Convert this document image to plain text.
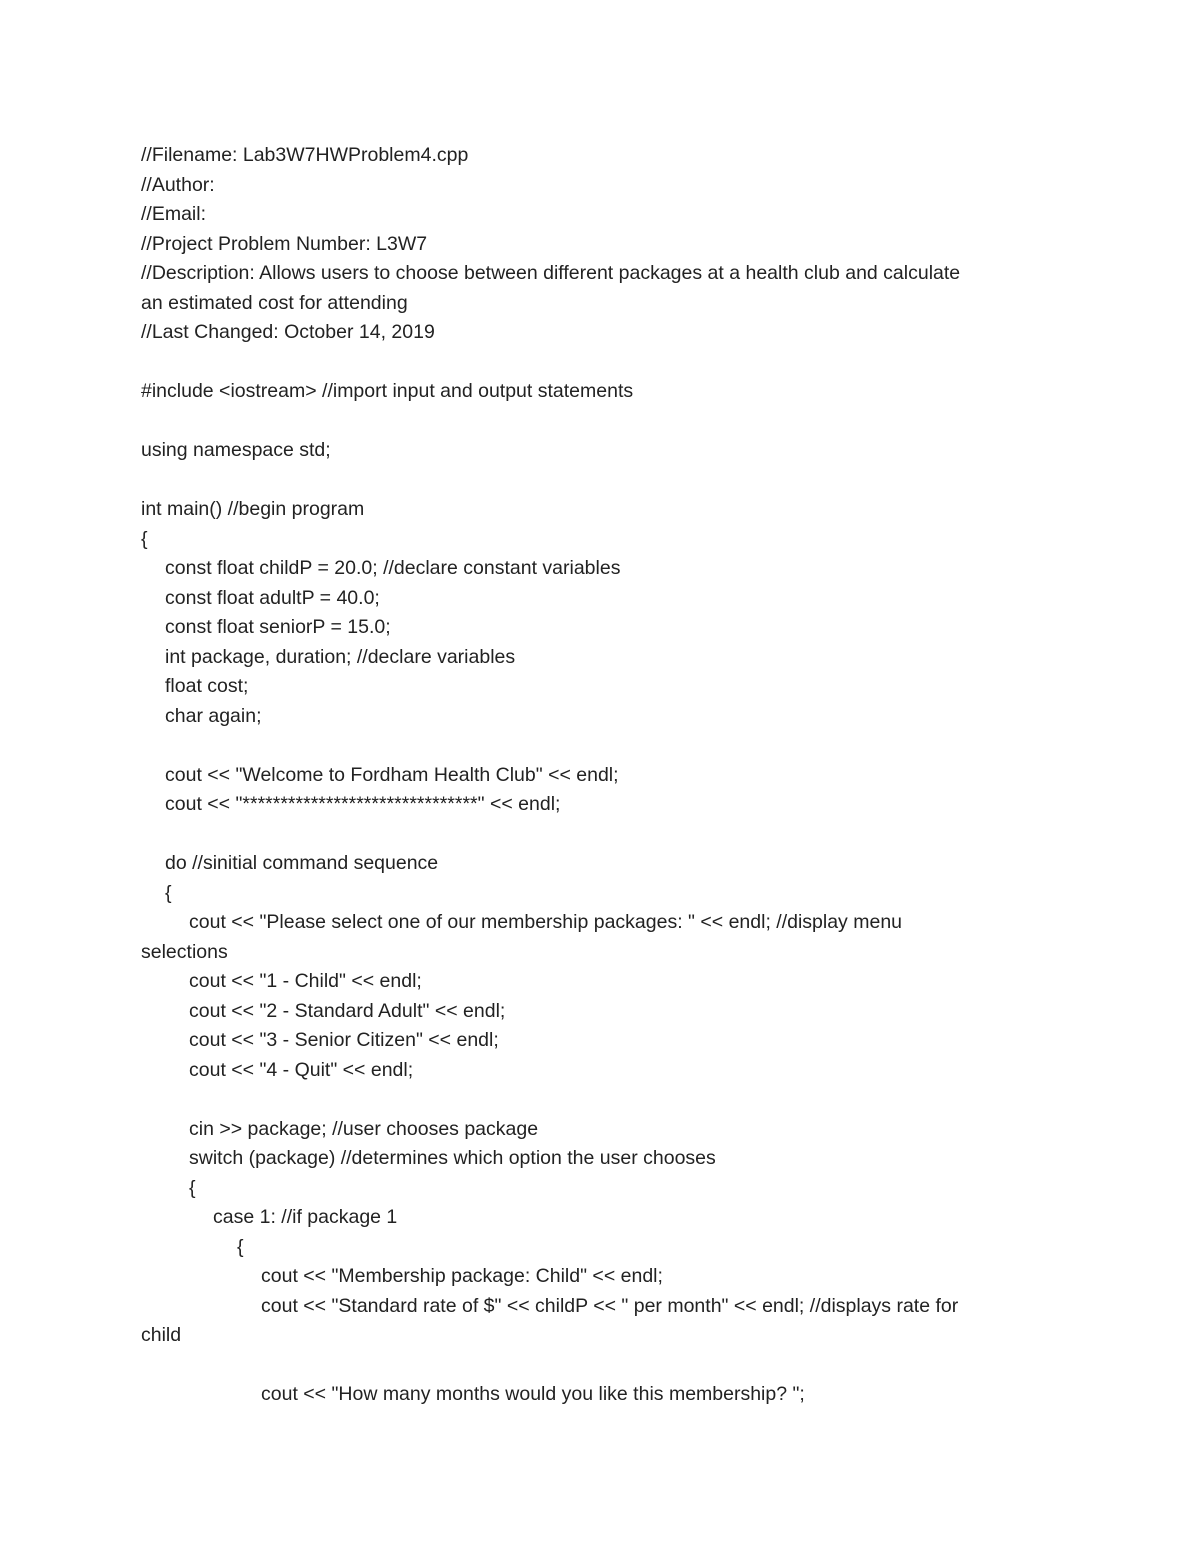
//Filename: Lab3W7HWProblem4.cpp
//Author:
//Email:
//Project Problem Number: L3W7
//Description: Allows users to choose between different packages at a health club and calculate
an estimated cost for attending
//Last Changed: October 14, 2019
#include <iostream> //import input and output statements
using namespace std;
int main() //begin program
{
const float childP = 20.0; //declare constant variables
const float adultP = 40.0;
const float seniorP = 15.0;
int package, duration; //declare variables
float cost;
char again;
cout << "Welcome to Fordham Health Club" << endl;
cout << "*******************************" << endl;
do //sinitial command sequence
{
cout << "Please select one of our membership packages: " << endl; //display menu
selections
cout << "1 - Child" << endl;
cout << "2 - Standard Adult" << endl;
cout << "3 - Senior Citizen" << endl;
cout << "4 - Quit" << endl;
cin >> package; //user chooses package
switch (package) //determines which option the user chooses
{
case 1: //if package 1
{
cout << "Membership package: Child" << endl;
cout << "Standard rate of $" << childP << " per month" << endl; //displays rate for
child
cout << "How many months would you like this membership? ";
